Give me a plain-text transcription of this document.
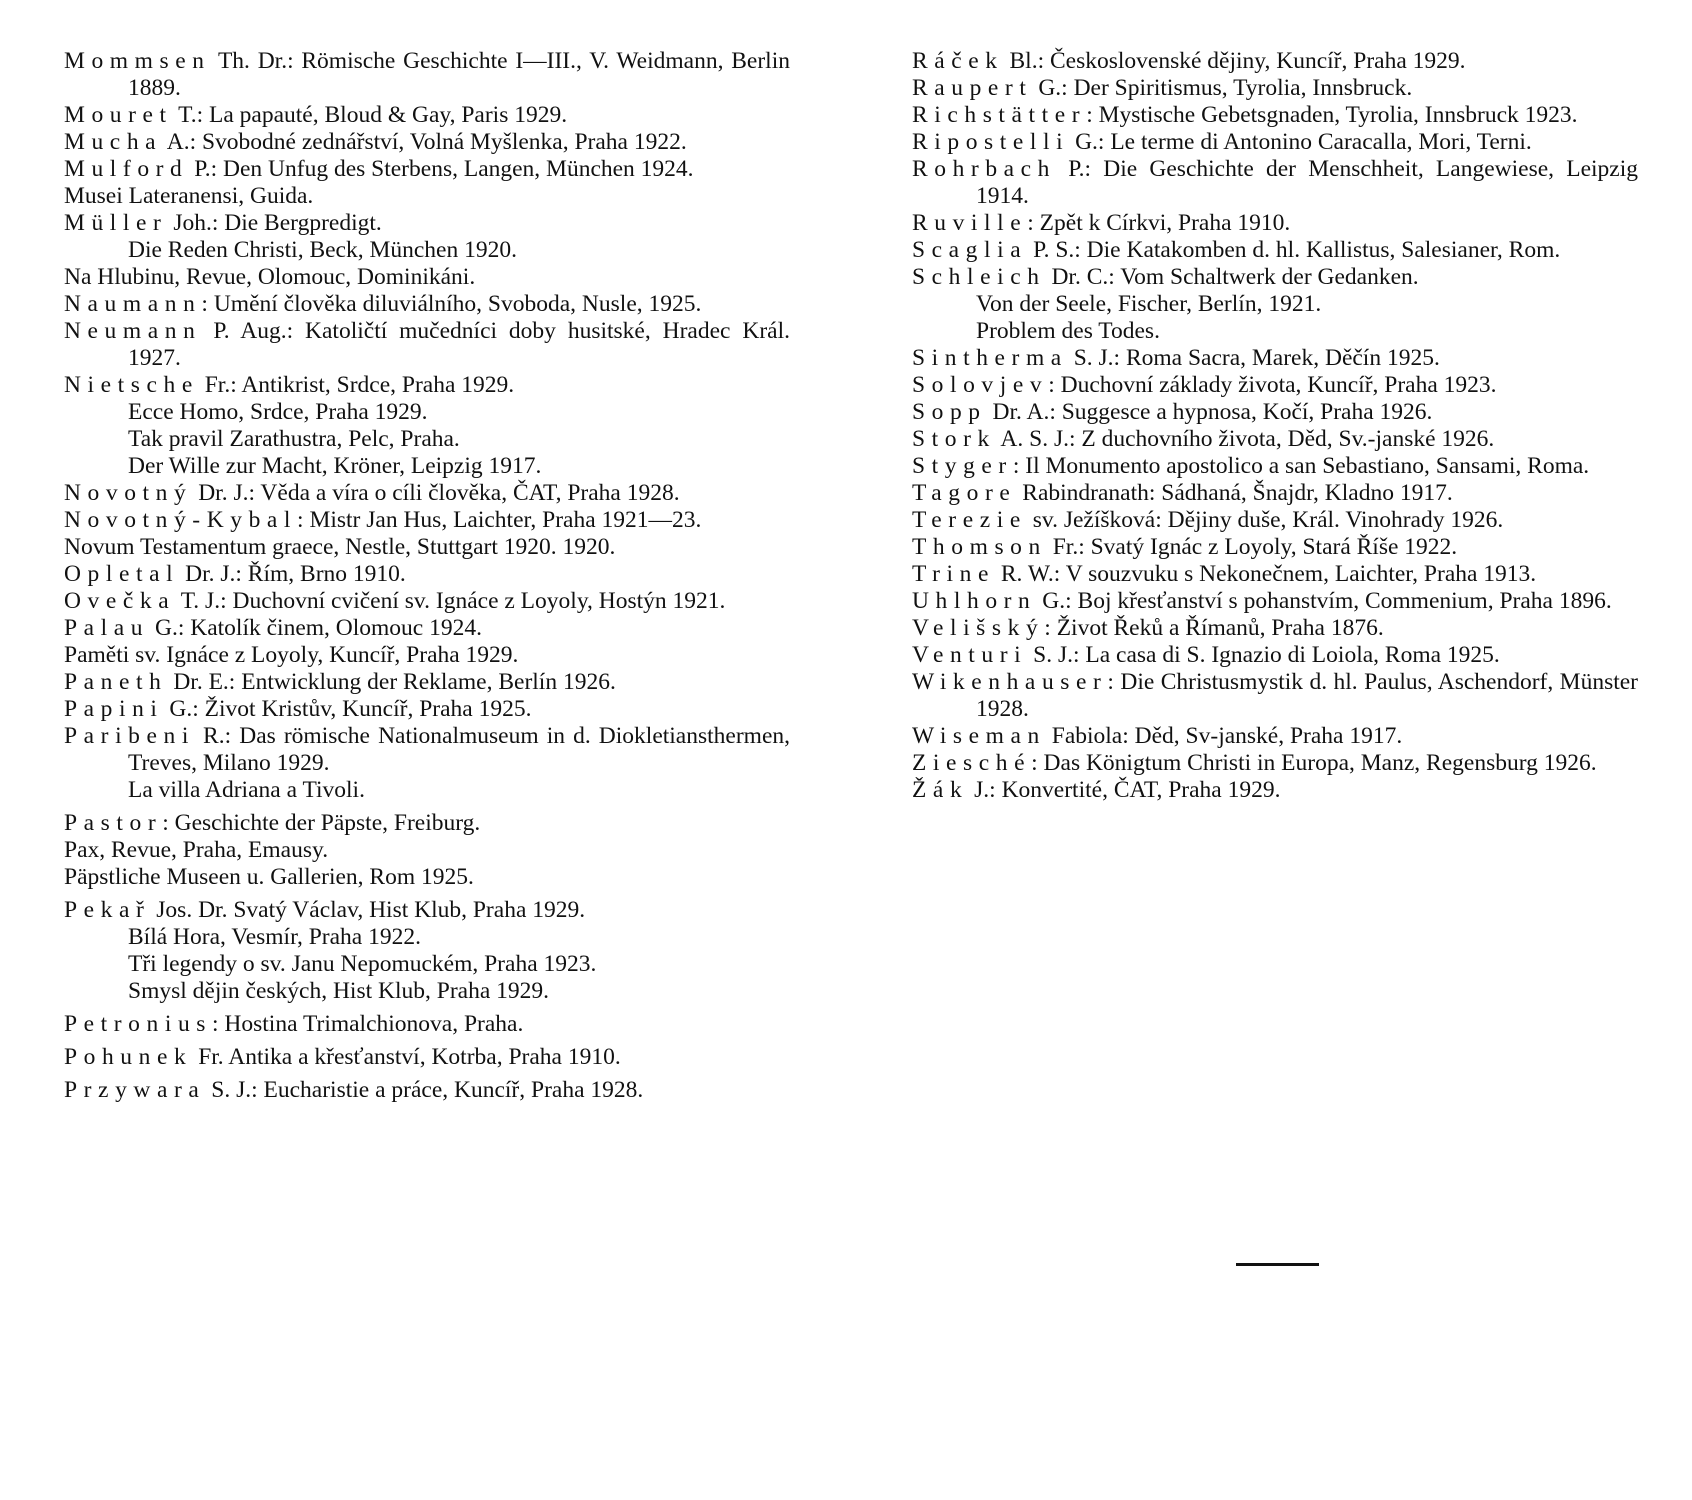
Mommsen Th. Dr.: Römische Geschichte I—III., V. Weidmann, Berlin 1889.

Mouret T.: La papauté, Bloud & Gay, Paris 1929.

Mucha A.: Svobodné zednářství, Volná Myšlenka, Praha 1922.

Mulford P.: Den Unfug des Sterbens, Langen, München 1924.

Musei Lateranensi, Guida.

Müller Joh.: Die Bergpredigt.
Die Reden Christi, Beck, München 1920.

Na Hlubinu, Revue, Olomouc, Dominikáni.

Naumann: Umění člověka diluviálního, Svoboda, Nusle, 1925.

Neumann P. Aug.: Katoličtí mučedníci doby husitské, Hradec Král. 1927.

Nietsche Fr.: Antikrist, Srdce, Praha 1929.
Ecce Homo, Srdce, Praha 1929.
Tak pravil Zarathustra, Pelc, Praha.
Der Wille zur Macht, Kröner, Leipzig 1917.

Novotný Dr. J.: Věda a víra o cíli člověka, ČAT, Praha 1928.

Novotný-Kybal: Mistr Jan Hus, Laichter, Praha 1921—23.

Novum Testamentum graece, Nestle, Stuttgart 1920. 1920.

Opletal Dr. J.: Řím, Brno 1910.

Ovečka T. J.: Duchovní cvičení sv. Ignáce z Loyoly, Hostýn 1921.

Palau G.: Katolík činem, Olomouc 1924.

Paměti sv. Ignáce z Loyoly, Kuncíř, Praha 1929.

Paneth Dr. E.: Entwicklung der Reklame, Berlín 1926.

Papini G.: Život Kristův, Kuncíř, Praha 1925.

Paribeni R.: Das römische Nationalmuseum in d. Diokletiansthermen, Treves, Milano 1929.
La villa Adriana a Tivoli.

Pastor: Geschichte der Päpste, Freiburg.

Pax, Revue, Praha, Emausy.

Päpstliche Museen u. Gallerien, Rom 1925.

Pekař Jos. Dr. Svatý Václav, Hist Klub, Praha 1929.
Bílá Hora, Vesmír, Praha 1922.
Tři legendy o sv. Janu Nepomuckém, Praha 1923.
Smysl dějin českých, Hist Klub, Praha 1929.

Petronius: Hostina Trimalchionova, Praha.

Pohunek Fr. Antika a křesťanství, Kotrba, Praha 1910.

Przywara S. J.: Eucharistie a práce, Kuncíř, Praha 1928.

Ráček Bl.: Československé dějiny, Kuncíř, Praha 1929.

Raupert G.: Der Spiritismus, Tyrolia, Innsbruck.

Richstätter: Mystische Gebetsgnaden, Tyrolia, Innsbruck 1923.

Ripostelli G.: Le terme di Antonino Caracalla, Mori, Terni.

Rohrbach P.: Die Geschichte der Menschheit, Langewiese, Leipzig 1914.

Ruville: Zpět k Církvi, Praha 1910.

Scaglia P. S.: Die Katakomben d. hl. Kallistus, Salesianer, Rom.

Schleich Dr. C.: Vom Schaltwerk der Gedanken.
Von der Seele, Fischer, Berlín, 1921.
Problem des Todes.

Sintherma S. J.: Roma Sacra, Marek, Děčín 1925.

Solovjev: Duchovní základy života, Kuncíř, Praha 1923.

Sopp Dr. A.: Suggesce a hypnosa, Kočí, Praha 1926.

Stork A. S. J.: Z duchovního života, Děd, Sv.-janské 1926.

Styger: Il Monumento apostolico a san Sebastiano, Sansami, Roma.

Tagore Rabindranath: Sádhaná, Šnajdr, Kladno 1917.

Terezie sv. Ježíšková: Dějiny duše, Král. Vinohrady 1926.

Thomson Fr.: Svatý Ignác z Loyoly, Stará Říše 1922.

Trine R. W.: V souzvuku s Nekonečnem, Laichter, Praha 1913.

Uhlhorn G.: Boj křesťanství s pohanstvím, Commenium, Praha 1896.

Velišský: Život Řeků a Římanů, Praha 1876.

Venturi S. J.: La casa di S. Ignazio di Loiola, Roma 1925.

Wikenhauser: Die Christusmystik d. hl. Paulus, Aschendorf, Münster 1928.

Wiseman Fabiola: Děd, Sv-janské, Praha 1917.

Ziesché: Das Königtum Christi in Europa, Manz, Regensburg 1926.

Žák J.: Konvertité, ČAT, Praha 1929.
